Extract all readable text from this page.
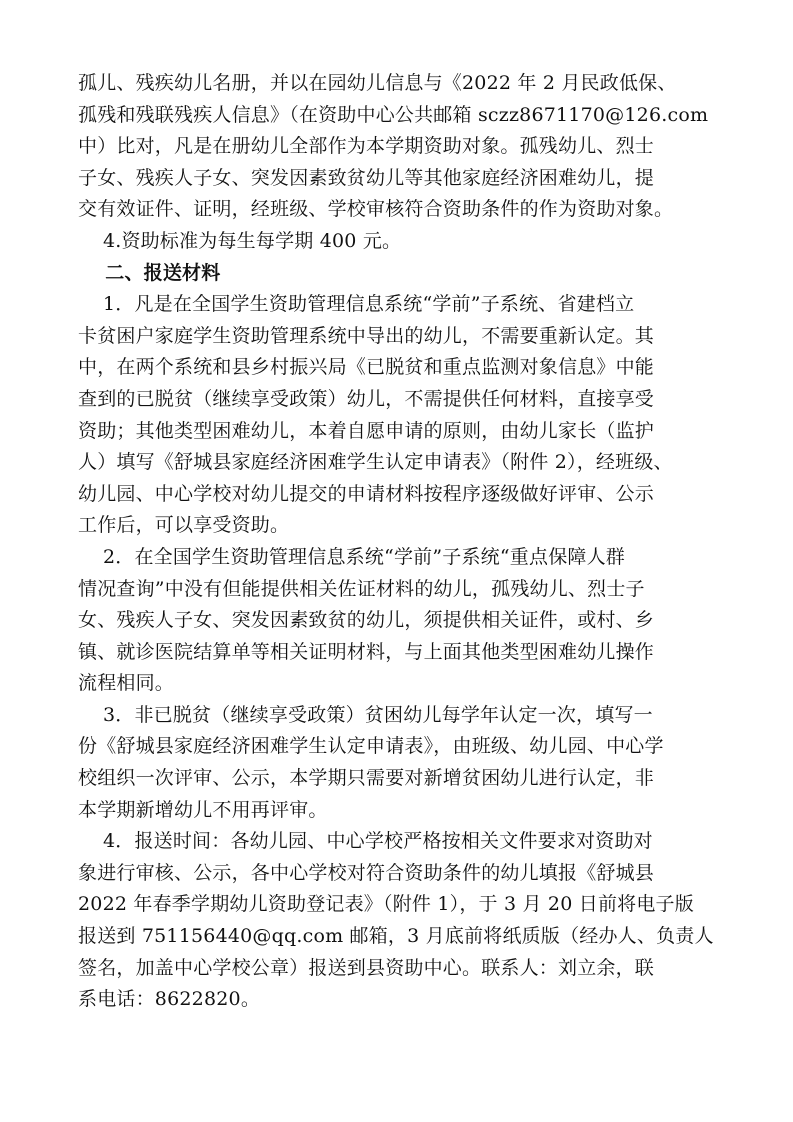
孤儿、残疾幼儿名册，并以在园幼儿信息与《2022 年 2 月民政低保、
孤残和残联残疾人信息》（在资助中心公共邮箱 sczz8671170@126.com
中）比对，凡是在册幼儿全部作为本学期资助对象。孤残幼儿、烈士
子女、残疾人子女、突发因素致贫幼儿等其他家庭经济困难幼儿，提
交有效证件、证明，经班级、学校审核符合资助条件的作为资助对象。
4.资助标准为每生每学期 400 元。
二、报送材料
1．凡是在全国学生资助管理信息系统“学前”子系统、省建档立
卡贫困户家庭学生资助管理系统中导出的幼儿，不需要重新认定。其
中，在两个系统和县乡村振兴局《已脱贫和重点监测对象信息》中能
查到的已脱贫（继续享受政策）幼儿，不需提供任何材料，直接享受
资助；其他类型困难幼儿，本着自愿申请的原则，由幼儿家长（监护
人）填写《舒城县家庭经济困难学生认定申请表》（附件 2），经班级、
幼儿园、中心学校对幼儿提交的申请材料按程序逐级做好评审、公示
工作后，可以享受资助。
2．在全国学生资助管理信息系统“学前”子系统“重点保障人群
情况查询”中没有但能提供相关佐证材料的幼儿，孤残幼儿、烈士子
女、残疾人子女、突发因素致贫的幼儿，须提供相关证件，或村、乡
镇、就诊医院结算单等相关证明材料，与上面其他类型困难幼儿操作
流程相同。
3．非已脱贫（继续享受政策）贫困幼儿每学年认定一次，填写一
份《舒城县家庭经济困难学生认定申请表》，由班级、幼儿园、中心学
校组织一次评审、公示，本学期只需要对新增贫困幼儿进行认定，非
本学期新增幼儿不用再评审。
4．报送时间：各幼儿园、中心学校严格按相关文件要求对资助对
象进行审核、公示，各中心学校对符合资助条件的幼儿填报《舒城县
2022 年春季学期幼儿资助登记表》（附件 1），于 3 月 20 日前将电子版
报送到 751156440@qq.com 邮箱，3 月底前将纸质版（经办人、负责人
签名，加盖中心学校公章）报送到县资助中心。联系人：刘立余，联
系电话：8622820。
